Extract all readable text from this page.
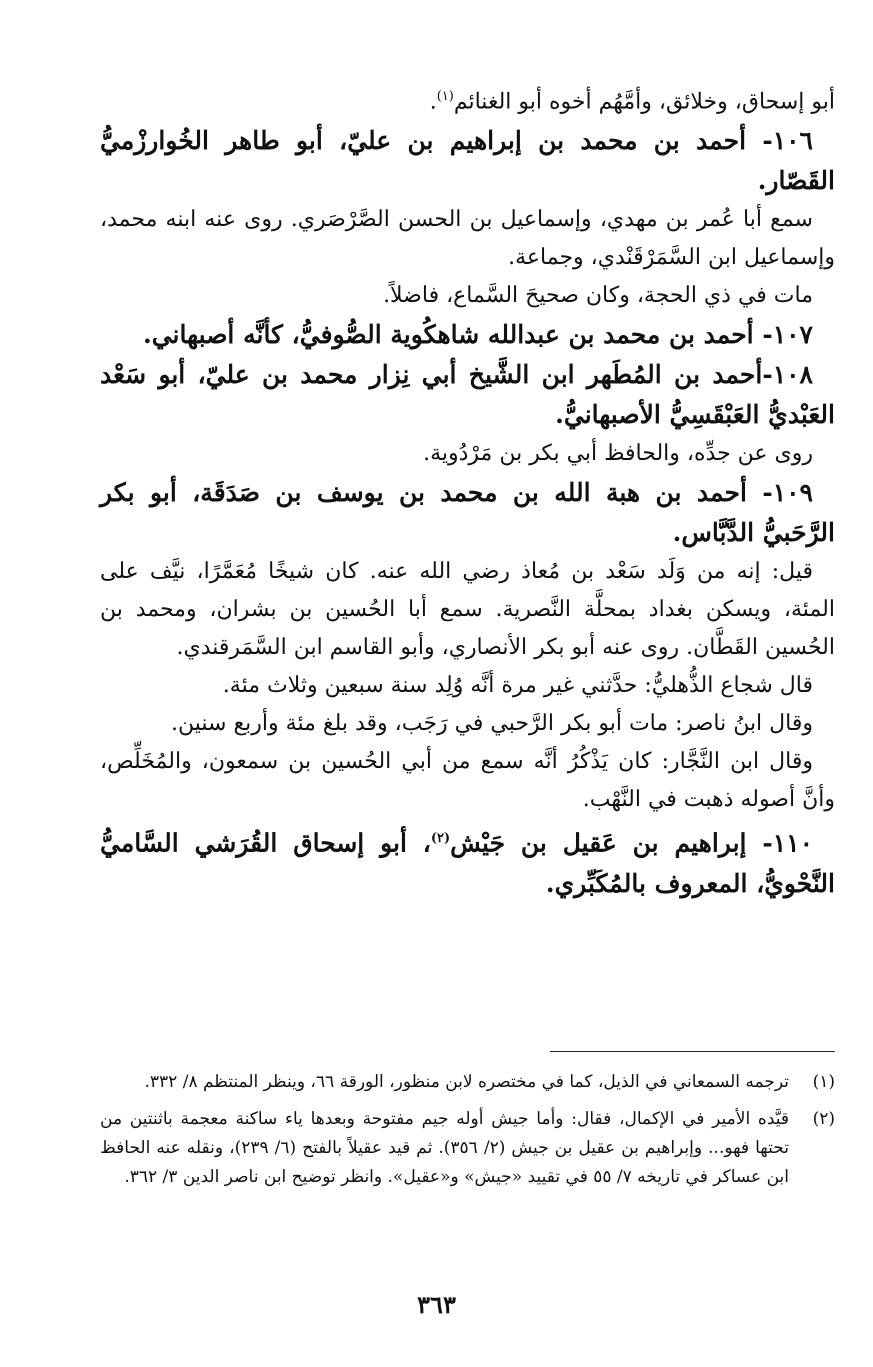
أبو إسحاق، وخلائق، وأمَّهُم أخوه أبو الغنائم$^{(١)}$.

١٠٦- أحمد بن محمد بن إبراهيم بن عليّ، أبو طاهر الخُوارزْميُّ القَصّار.

سمع أبا عُمر بن مهدي، وإسماعيل بن الحسن الصَّرْصَري. روى عنه ابنه محمد، وإسماعيل ابن السَّمَرْقَنْدي، وجماعة.

مات في ذي الحجة، وكان صحيحَ السَّماع، فاضلاً.

١٠٧- أحمد بن محمد بن عبدالله شاهكُوية الصُّوفيُّ، كأنَّه أصبهاني.

١٠٨-أحمد بن المُطَهر ابن الشَّيخ أبي نِزار محمد بن عليّ، أبو سَعْد العَبْديُّ العَبْقَسِيُّ الأصبهانيُّ.

روى عن جدِّه، والحافظ أبي بكر بن مَرْدُوية.

١٠٩- أحمد بن هبة الله بن محمد بن يوسف بن صَدَقَة، أبو بكر الرَّحَبيُّ الدَّبَّاس.

قيل: إنه من وَلَد سَعْد بن مُعاذ رضي الله عنه. كان شيخًا مُعَمَّرًا، نيَّف على المئة، ويسكن بغداد بمحلَّة النَّصرية. سمع أبا الحُسين بن بشران، ومحمد بن الحُسين القَطَّان. روى عنه أبو بكر الأنصاري، وأبو القاسم ابن السَّمَرقندي.

قال شجاع الذُّهليُّ: حدَّثني غير مرة أنَّه وُلِد سنة سبعين وثلاث مئة.

وقال ابنُ ناصر: مات أبو بكر الرَّحبي في رَجَب، وقد بلغ مئة وأربع سنين.

وقال ابن النَّجَّار: كان يَذْكُرُ أنَّه سمع من أبي الحُسين بن سمعون، والمُخَلِّص، وأنَّ أصوله ذهبت في النَّهْب.

١١٠- إبراهيم بن عَقيل بن جَيْش$^{(٢)}$، أبو إسحاق القُرَشي السَّاميُّ النَّحْويُّ، المعروف بالمُكَبِّري.

(١)
ترجمه السمعاني في الذيل، كما في مختصره لابن منظور، الورقة ٦٦، وينظر المنتظم ٨/ ٣٣٢.
(٢)
قيَّده الأمير في الإكمال، فقال: وأما جيش أوله جيم مفتوحة وبعدها ياء ساكنة معجمة باثنتين من تحتها فهو... وإبراهيم بن عقيل بن جيش (٢/ ٣٥٦). ثم قيد عقيلاً بالفتح (٦/ ٢٣٩)، ونقله عنه الحافظ ابن عساكر في تاريخه ٧/ ٥٥ في تقييد «جيش» و«عقيل». وانظر توضيح ابن ناصر الدين ٣/ ٣٦٢.
٣٦٣
